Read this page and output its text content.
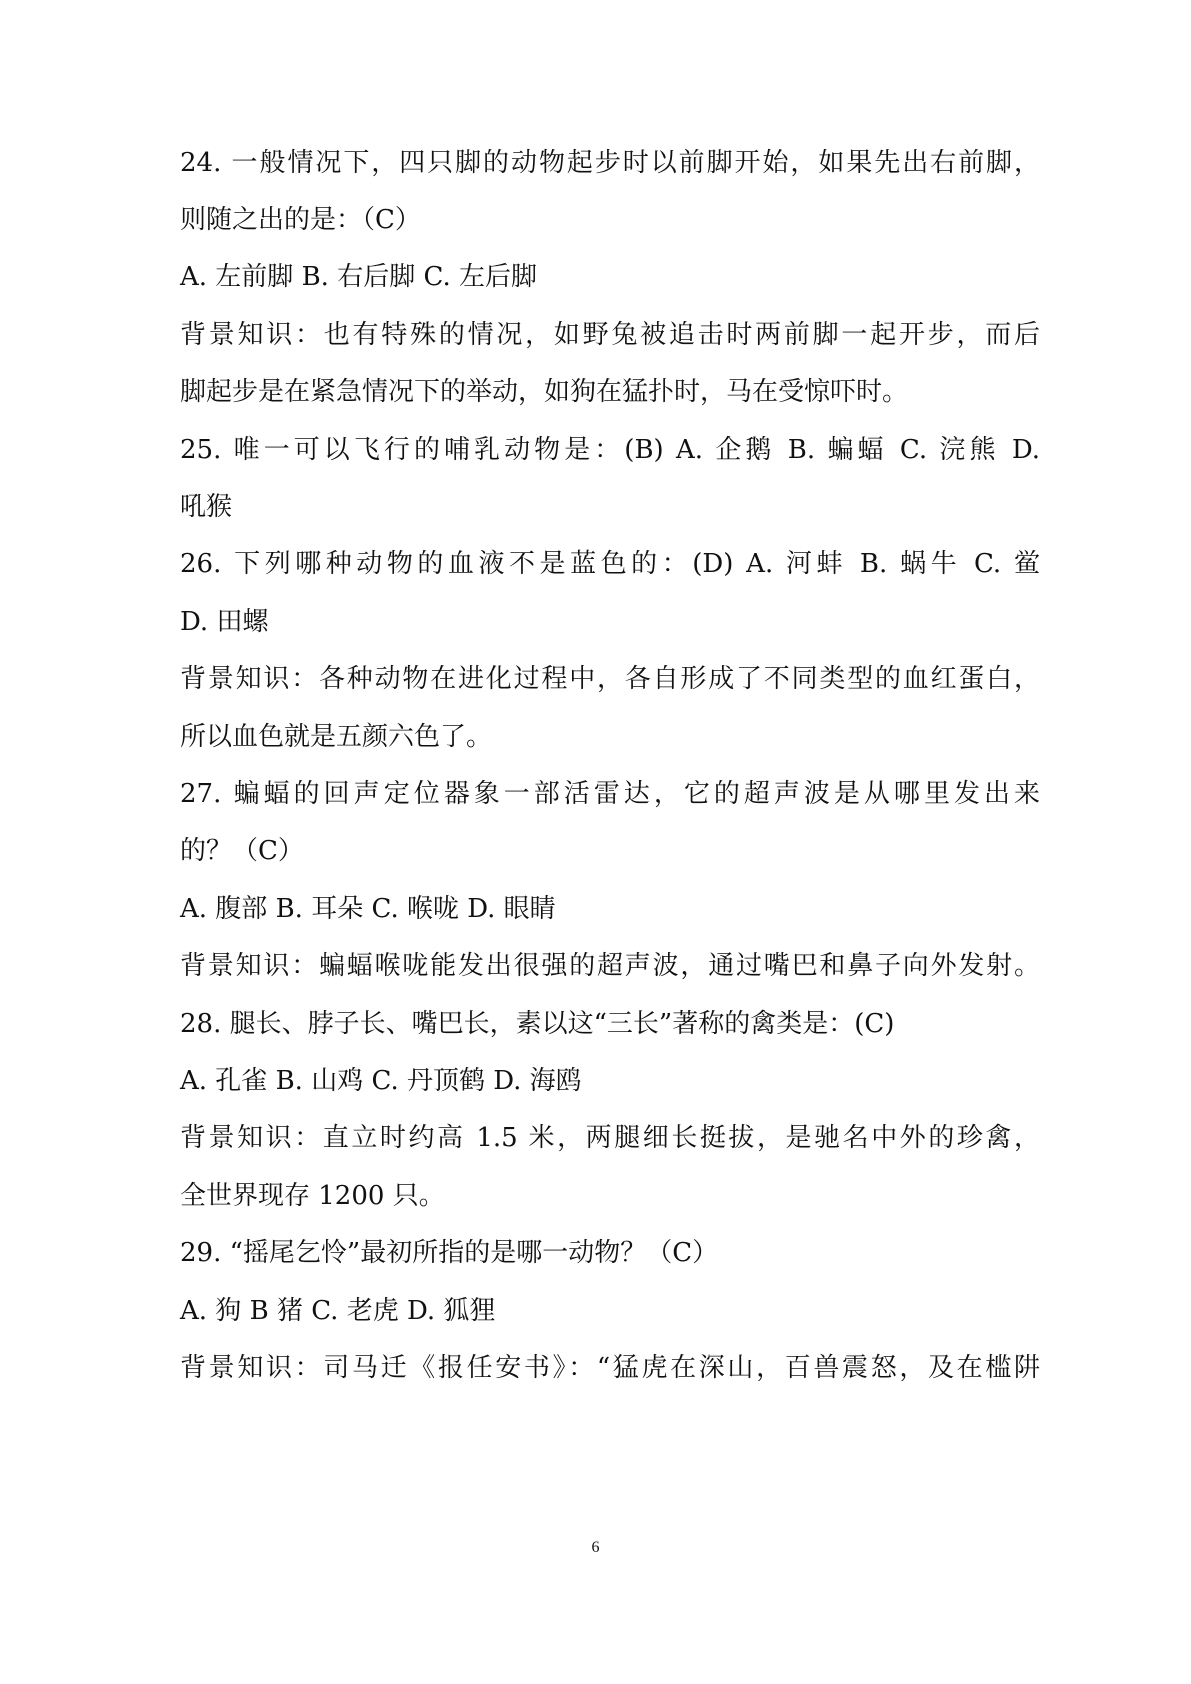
24. 一般情况下，四只脚的动物起步时以前脚开始，如果先出右前脚，
则随之出的是：（C）
A. 左前脚 B. 右后脚 C. 左后脚
背景知识：也有特殊的情况，如野兔被追击时两前脚一起开步，而后
脚起步是在紧急情况下的举动，如狗在猛扑时，马在受惊吓时。
25. 唯一可以飞行的哺乳动物是：(B) A. 企鹅 B. 蝙蝠 C. 浣熊 D.
吼猴
26. 下列哪种动物的血液不是蓝色的：(D) A. 河蚌 B. 蜗牛 C. 鲎
D. 田螺
背景知识：各种动物在进化过程中，各自形成了不同类型的血红蛋白，
所以血色就是五颜六色了。
27. 蝙蝠的回声定位器象一部活雷达，它的超声波是从哪里发出来
的？（C）
A. 腹部 B. 耳朵 C. 喉咙 D. 眼睛
背景知识：蝙蝠喉咙能发出很强的超声波，通过嘴巴和鼻子向外发射。
28. 腿长、脖子长、嘴巴长，素以这“三长”著称的禽类是：(C)
A. 孔雀 B. 山鸡 C. 丹顶鹤 D. 海鸥
背景知识：直立时约高 1.5 米，两腿细长挺拔，是驰名中外的珍禽，
全世界现存 1200 只。
29. “摇尾乞怜”最初所指的是哪一动物？（C）
A. 狗 B 猪 C. 老虎 D. 狐狸
背景知识：司马迁《报任安书》：“猛虎在深山，百兽震怒，及在槛阱
6
